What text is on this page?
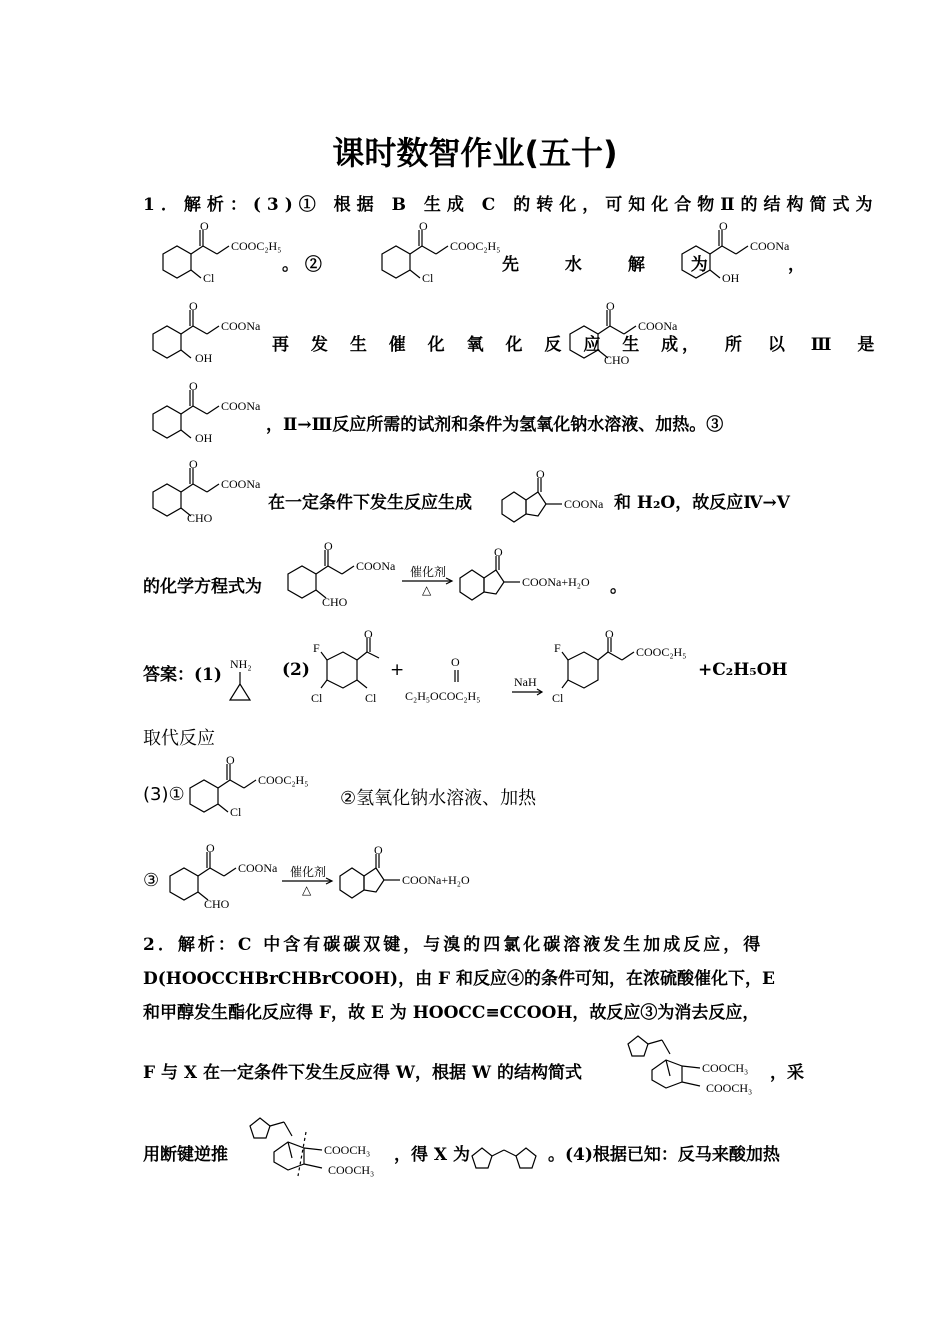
课时数智作业(五十)
1．解析：(3)① 根据 B 生成 C 的转化，可知化合物Ⅱ的结构简式为
O
COOC₂H₅
Cl
。 ②
O
COOC₂H₅
Cl
先 水 解 为
O
COONa
OH
，
O
COONa
OH
再 发 生 催 化 氧 化 反 应 生 成
O
COONa
CHO
， 所 以 Ⅲ 是
O
COONa
OH
，Ⅱ→Ⅲ反应所需的试剂和条件为氢氧化钠水溶液、加热。③
O
COONa
CHO
在一定条件下发生反应生成
O
COONa 和 H₂O，故反应Ⅳ→Ⅴ
的化学方程式为
O
COONa
CHO
催化剂
△
O
COONa+H₂O 。
答案：(1)
NH₂ (2)
O
F
Cl	Cl
+	O
C₂H₅OCOC₂H₅
NaH
O
F
Cl
COOC₂H₅
+C₂H₅OH
取代反应
(3)①
O
COOC₂H₅
Cl
②氢氧化钠水溶液、加热
③
O
COONa
CHO
催化剂
△
O
COONa+H₂O
2．解析：C 中含有碳碳双键，与溴的四氯化碳溶液发生加成反应，得
D(HOOCCHBrCHBrCOOH)，由 F 和反应④的条件可知，在浓硫酸催化下，E
和甲醇发生酯化反应得 F，故 E 为 HOOCC≡CCOOH，故反应③为消去反应，
F 与 X 在一定条件下发生反应得 W，根据 W 的结构简式	COOCH₃
COOCH₃
，采
用断键逆推	COOCH₃
COOCH₃
，得 X 为	。(4)根据已知：反马来酸加热
